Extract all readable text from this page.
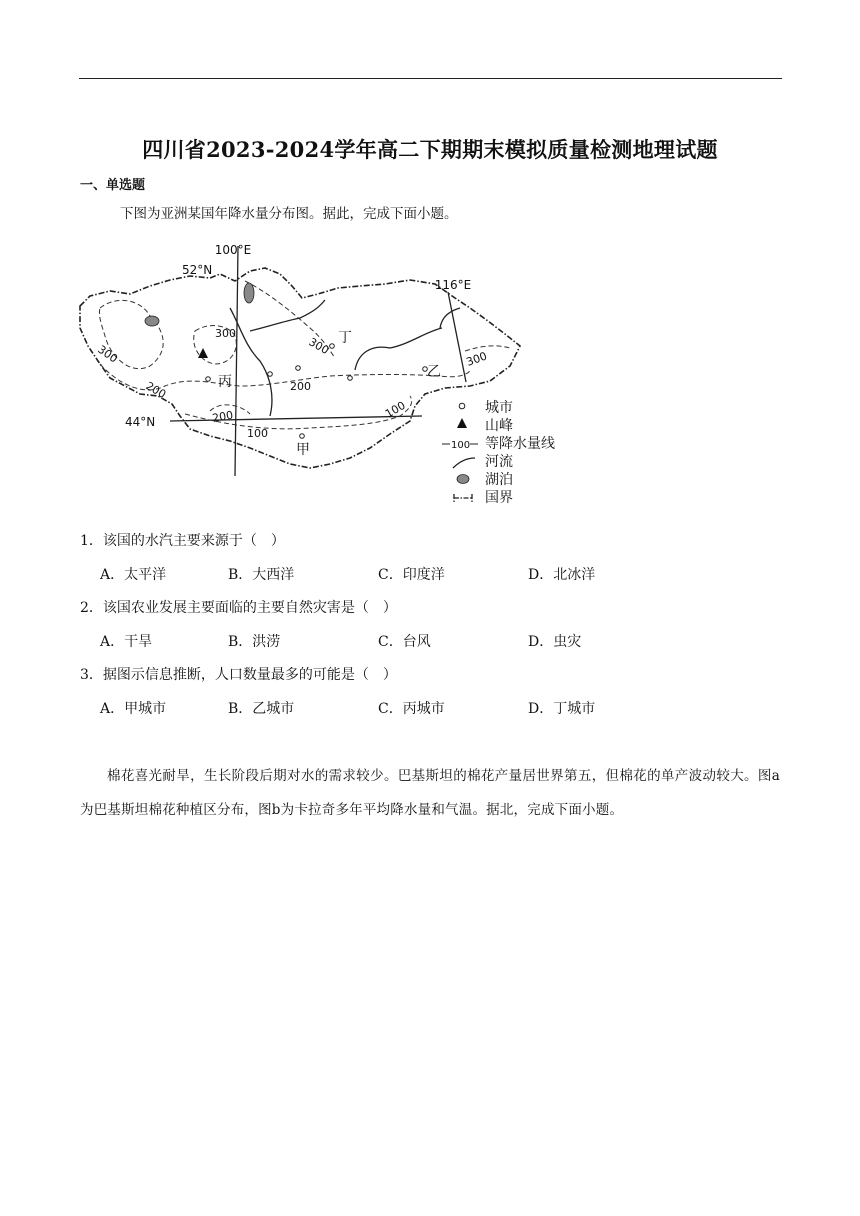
四川省2023-2024学年高二下期期末模拟质量检测地理试题
一、单选题
下图为亚洲某国年降水量分布图。据此，完成下面小题。
100°E
116°E
52°N
44°N
300
300
300
300
200	200
200
100
100
丙
丁
乙
甲
城市
山峰
100 等降水量线
河流
湖泊
国界
1．该国的水汽主要来源于（　）
A．太平洋	B．大西洋	C．印度洋	D．北冰洋
2．该国农业发展主要面临的主要自然灾害是（　）
A．干旱	B．洪涝	C．台风	D．虫灾
3．据图示信息推断，人口数量最多的可能是（　）
A．甲城市	B．乙城市	C．丙城市	D．丁城市
棉花喜光耐旱，生长阶段后期对水的需求较少。巴基斯坦的棉花产量居世界第五，但棉花的单产波动较大。图a为巴基斯坦棉花种植区分布，图b为卡拉奇多年平均降水量和气温。据北，完成下面小题。
